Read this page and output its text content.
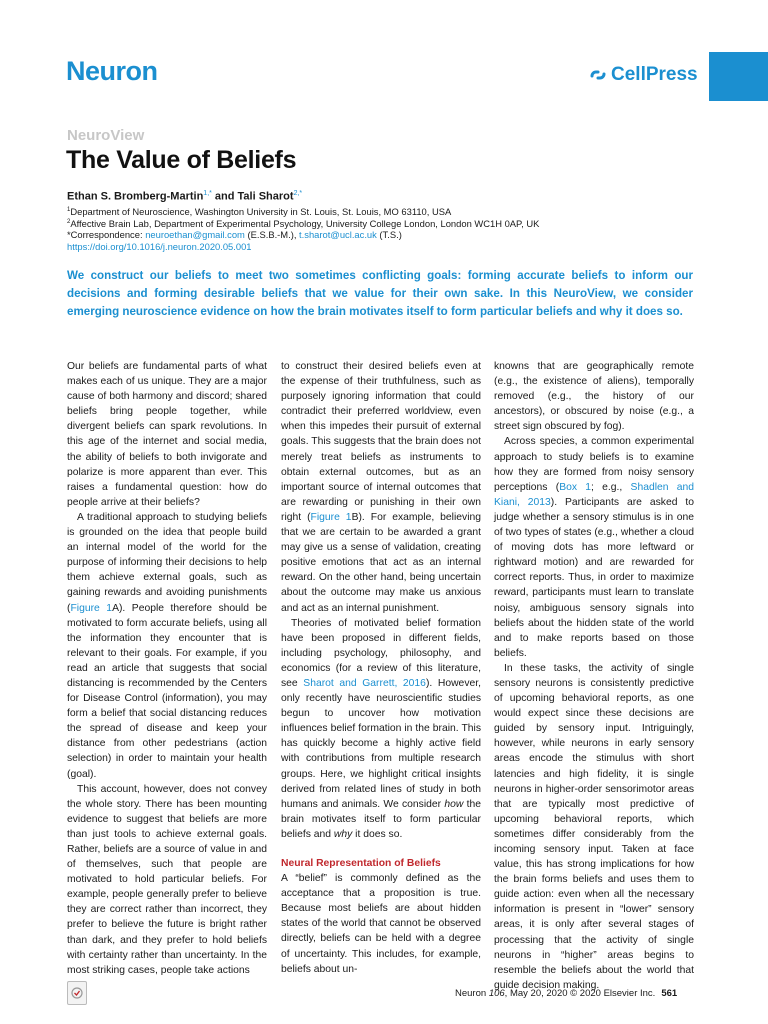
Neuron	CellPress
NeuroView
The Value of Beliefs
Ethan S. Bromberg-Martin$^{1,*}$ and Tali Sharot$^{2,*}$
$^1$Department of Neuroscience, Washington University in St. Louis, St. Louis, MO 63110, USA
$^2$Affective Brain Lab, Department of Experimental Psychology, University College London, London WC1H 0AP, UK
*Correspondence: neuroethan@gmail.com (E.S.B.-M.), t.sharot@ucl.ac.uk (T.S.)
https://doi.org/10.1016/j.neuron.2020.05.001
We construct our beliefs to meet two sometimes conflicting goals: forming accurate beliefs to inform our decisions and forming desirable beliefs that we value for their own sake. In this NeuroView, we consider emerging neuroscience evidence on how the brain motivates itself to form particular beliefs and why it does so.

Our beliefs are fundamental parts of what makes each of us unique. They are a major cause of both harmony and discord; shared beliefs bring people together, while divergent beliefs can spark revolutions. In this age of the internet and social media, the ability of beliefs to both invigorate and polarize is more apparent than ever. This raises a fundamental question: how do people arrive at their beliefs?

A traditional approach to studying beliefs is grounded on the idea that people build an internal model of the world for the purpose of informing their decisions to help them achieve external goals, such as gaining rewards and avoiding punishments (Figure 1A). People therefore should be motivated to form accurate beliefs, using all the information they encounter that is relevant to their goals. For example, if you read an article that suggests that social distancing is recommended by the Centers for Disease Control (information), you may form a belief that social distancing reduces the spread of disease and keep your distance from other pedestrians (action selection) in order to maintain your health (goal).

This account, however, does not convey the whole story. There has been mounting evidence to suggest that beliefs are more than just tools to achieve external goals. Rather, beliefs are a source of value in and of themselves, such that people are motivated to hold particular beliefs. For example, people generally prefer to believe they are correct rather than incorrect, they prefer to believe the future is bright rather than dark, and they prefer to hold beliefs with certainty rather than uncertainty. In the most striking cases, people take actions

to construct their desired beliefs even at the expense of their truthfulness, such as purposely ignoring information that could contradict their preferred worldview, even when this impedes their pursuit of external goals. This suggests that the brain does not merely treat beliefs as instruments to obtain external outcomes, but as an important source of internal outcomes that are rewarding or punishing in their own right (Figure 1B). For example, believing that we are certain to be awarded a grant may give us a sense of validation, creating positive emotions that act as an internal reward. On the other hand, being uncertain about the outcome may make us anxious and act as an internal punishment.

Theories of motivated belief formation have been proposed in different fields, including psychology, philosophy, and economics (for a review of this literature, see Sharot and Garrett, 2016). However, only recently have neuroscientific studies begun to uncover how motivation influences belief formation in the brain. This has quickly become a highly active field with contributions from multiple research groups. Here, we highlight critical insights derived from related lines of study in both humans and animals. We consider how the brain motivates itself to form particular beliefs and why it does so.

Neural Representation of Beliefs

A “belief” is commonly defined as the acceptance that a proposition is true. Because most beliefs are about hidden states of the world that cannot be observed directly, beliefs can be held with a degree of uncertainty. This includes, for example, beliefs about un-

knowns that are geographically remote (e.g., the existence of aliens), temporally removed (e.g., the history of our ancestors), or obscured by noise (e.g., a street sign obscured by fog).

Across species, a common experimental approach to study beliefs is to examine how they are formed from noisy sensory perceptions (Box 1; e.g., Shadlen and Kiani, 2013). Participants are asked to judge whether a sensory stimulus is in one of two types of states (e.g., whether a cloud of moving dots has more leftward or rightward motion) and are rewarded for correct reports. Thus, in order to maximize reward, participants must learn to translate noisy, ambiguous sensory signals into beliefs about the hidden state of the world and to make reports based on those beliefs.

In these tasks, the activity of single sensory neurons is consistently predictive of upcoming behavioral reports, as one would expect since these decisions are guided by sensory input. Intriguingly, however, while neurons in early sensory areas encode the stimulus with short latencies and high fidelity, it is single neurons in higher-order sensorimotor areas that are typically most predictive of upcoming behavioral reports, which sometimes differ considerably from the incoming sensory input. Taken at face value, this has strong implications for how the brain forms beliefs and uses them to guide action: even when all the necessary information is present in “lower” sensory areas, it is only after several stages of processing that the activity of single neurons in “higher” areas begins to resemble the beliefs about the world that guide decision making.

Neuron 106, May 20, 2020 © 2020 Elsevier Inc. 561
